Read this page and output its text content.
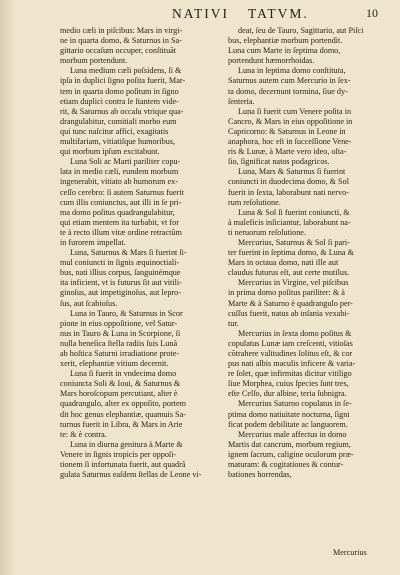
NATIVI TATVM.	10
medio cæli in piſcibus: Mars in virgi-
ne in quarta domo, & Saturnus in Sa-
gittario occaſum occuper, conſtituãt
morbum portendunt.
Luna medium cæli poſsidens, ſi &
ipſa in duplici ſigno poſita fuerit, Mar-
tem in quarta domo poſitum in ſigno
etiam duplici contra ſe ſtantem vide-
rit, & Saturnus ab occaſu vtrique qua-
drangulabitur, comitiali morbo eum
qui tunc naſcitur affici, exagitatis
multifariam, vitiatiſque humoribus,
qui morbum ipſum excitabunt.
Luna Soli ac Marti pariliter copu-
lata in medio cæli, eundem morbum
ingenerabit, vitiato ab humorum ex-
ceſſo cerebro: ſi autem Saturnus fuerit
cum illis coniunctus, aut illi in ſe pri-
ma domo poſitus quadrangulabitur,
qui etiam mentem ita turbabit, vt for
te à recto illum vitæ ordine retractũm
in furorem impellat.
Luna, Saturnus & Mars ſi fuerint ſi-
mul coniuncti in ſignis æquinoctiali-
bus, nati illius corpus, ſanguinémque
ita inficient, vt is futurus ſit aut vitili-
ginoſus, aut impetiginoſus, aut lepro-
ſus, aut ſcabioſus.
Luna in Tauro, & Saturnus in Scor
pione in eius oppoſitione, vel Satur-
nus in Tauro & Luna in Scorpione, ſi
nulla beneſica ſtella radiis ſuis Lunã
ab hoſtica Saturni irradiatione prote-
xerit, elephantiæ vitium decernit.
Luna ſi fuerit in vndecima domo
coniuncta Soli & Ioui, & Saturnus &
Mars horoſcopum percutiant, alter è
quadrangulo, alter ex oppoſito, portem
dit hoc genus elephantiæ, quamuis Sa-
turnus fuerit in Libra, & Mars in Arie
te: & è contra.
Luna in diurna genitura à Marte &
Venere in ſignis tropicis per oppoſi-
tionem ſi infortunata fuerit, aut quadrã
gulata Saturnus eaſdem ſtellas de Leone vi-
deat, ſeu de Tauro, Sagittario, aut Piſci
bus, elephantiæ morbum portendit.
Luna cum Marte in ſeptima domo,
portendunt hæmorrhoidas.
Luna in ſeptima domo conſtituta,
Saturnus autem cum Mercurio in ſex-
ta domo, decernunt tormina, ſiue dy-
ſenteria.
Luna ſi fuerit cum Venere poſita in
Cancro, & Mars in eius oppoſitione in
Capricorno: & Saturnus in Leone in
anaphora, hoc eſt in ſucceſſione Vene-
ris & Lunæ, à Marte vero ideo, oſta-
ſio, ſignificat natos podagricos.
Luna, Mars & Saturnus ſi fuerint
coniuncti in duodecima domo, & Sol
fuerit in ſexta, laborabunt nati nervo-
rum reſolutione.
Luna & Sol ſi fuerint coniuncti, &
à maleficis inſiciantur, laborabunt na-
ti neruorum reſolutione.
Mercurius, Saturnus & Sol ſi pari-
ter fuerint in ſeptima domo, & Luna &
Mars in octaua domo, nati ille aut
claudus futurus eſt, aut certe mutilus.
Mercurius in Virgine, vel piſcibus
in prima domo poſitus pariliter: & à
Marte & à Saturno è quadrangulo per-
cuſſus fuerit, natus ab inſania vexabi-
tur.
Mercurius in ſexta domo poſitus &
copulatus Lunæ iam creſcenti, vitioſas
cõtrahere valitudines ſolitus eſt, & cor
pus nati albis maculis inficere & varia-
re ſolet, quæ infirmitas dicitur vitiligo
ſiue Morphea, cuius ſpecies ſunt tres,
eſte Celſo, dur albine, teria ſubnigra.
Mercurius Saturno copulatus in ſe-
ptima domo natiuitate nocturna, ſigni
ficat podem debilitate ac languorem.
Mercurius male affectus in domo
Martis dat cancrum, morbum regium,
ignem ſacrum, caligine oculorum præ-
maturam: & cogitationes & contur-
bationes horrendas,
Mercurius
